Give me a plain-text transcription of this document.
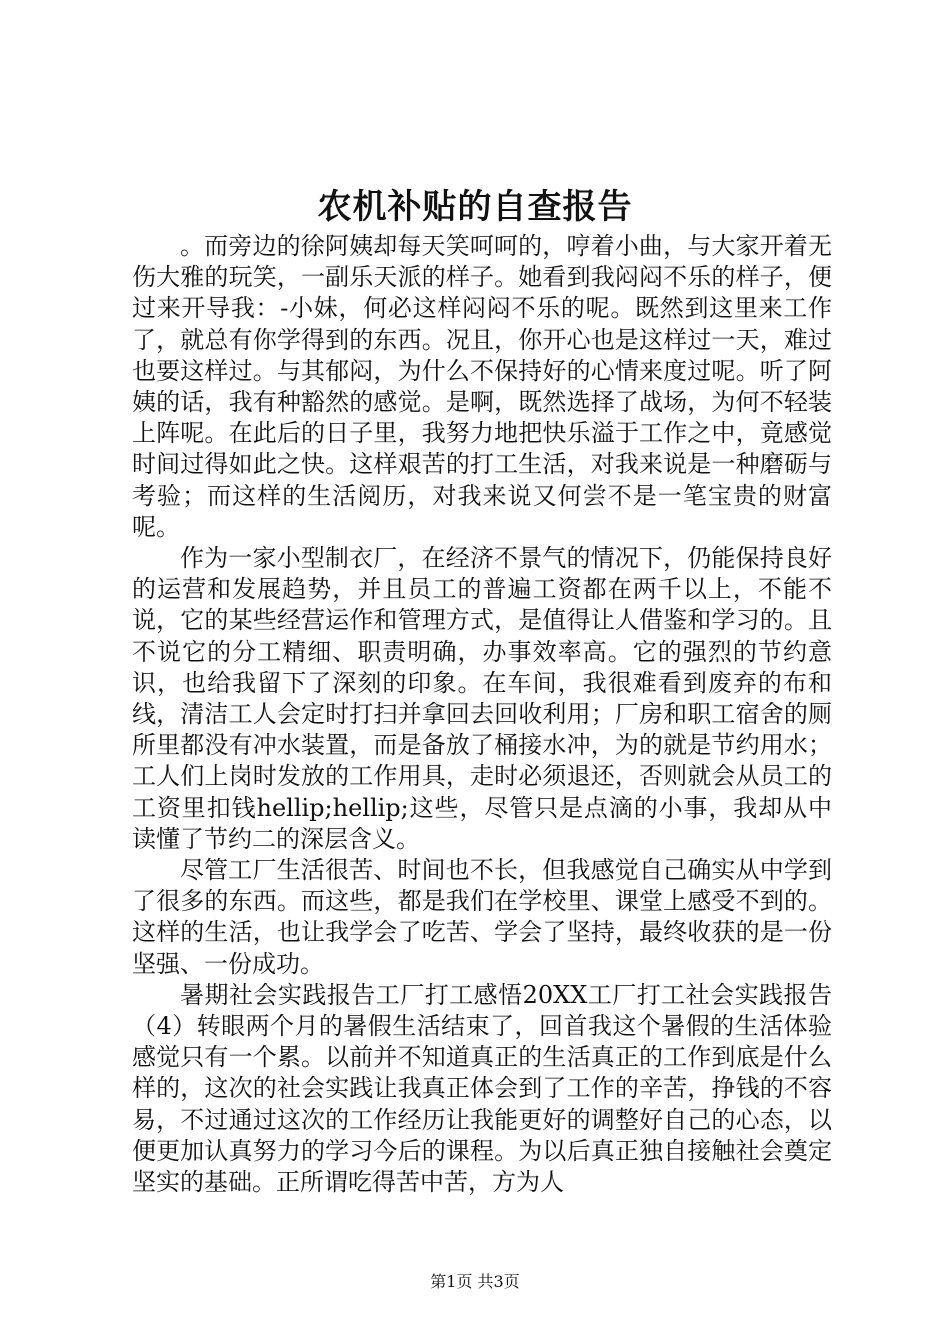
农机补贴的自查报告

。而旁边的徐阿姨却每天笑呵呵的，哼着小曲，与大家开着无伤大雅的玩笑，一副乐天派的样子。她看到我闷闷不乐的样子，便过来开导我：-小妹，何必这样闷闷不乐的呢。既然到这里来工作了，就总有你学得到的东西。况且，你开心也是这样过一天，难过也要这样过。与其郁闷，为什么不保持好的心情来度过呢。听了阿姨的话，我有种豁然的感觉。是啊，既然选择了战场，为何不轻装上阵呢。在此后的日子里，我努力地把快乐溢于工作之中，竟感觉时间过得如此之快。这样艰苦的打工生活，对我来说是一种磨砺与考验；而这样的生活阅历，对我来说又何尝不是一笔宝贵的财富呢。

作为一家小型制衣厂，在经济不景气的情况下，仍能保持良好的运营和发展趋势，并且员工的普遍工资都在两千以上，不能不说，它的某些经营运作和管理方式，是值得让人借鉴和学习的。且不说它的分工精细、职责明确，办事效率高。它的强烈的节约意识，也给我留下了深刻的印象。在车间，我很难看到废弃的布和线，清洁工人会定时打扫并拿回去回收利用；厂房和职工宿舍的厕所里都没有冲水装置，而是备放了桶接水冲，为的就是节约用水；工人们上岗时发放的工作用具，走时必须退还，否则就会从员工的工资里扣钱hellip;hellip;这些，尽管只是点滴的小事，我却从中读懂了节约二的深层含义。

尽管工厂生活很苦、时间也不长，但我感觉自己确实从中学到了很多的东西。而这些，都是我们在学校里、课堂上感受不到的。这样的生活，也让我学会了吃苦、学会了坚持，最终收获的是一份坚强、一份成功。

暑期社会实践报告工厂打工感悟20XX工厂打工社会实践报告（4）转眼两个月的暑假生活结束了，回首我这个暑假的生活体验感觉只有一个累。以前并不知道真正的生活真正的工作到底是什么样的，这次的社会实践让我真正体会到了工作的辛苦，挣钱的不容易，不过通过这次的工作经历让我能更好的调整好自己的心态，以便更加认真努力的学习今后的课程。为以后真正独自接触社会奠定坚实的基础。正所谓吃得苦中苦，方为人

第1页 共3页
